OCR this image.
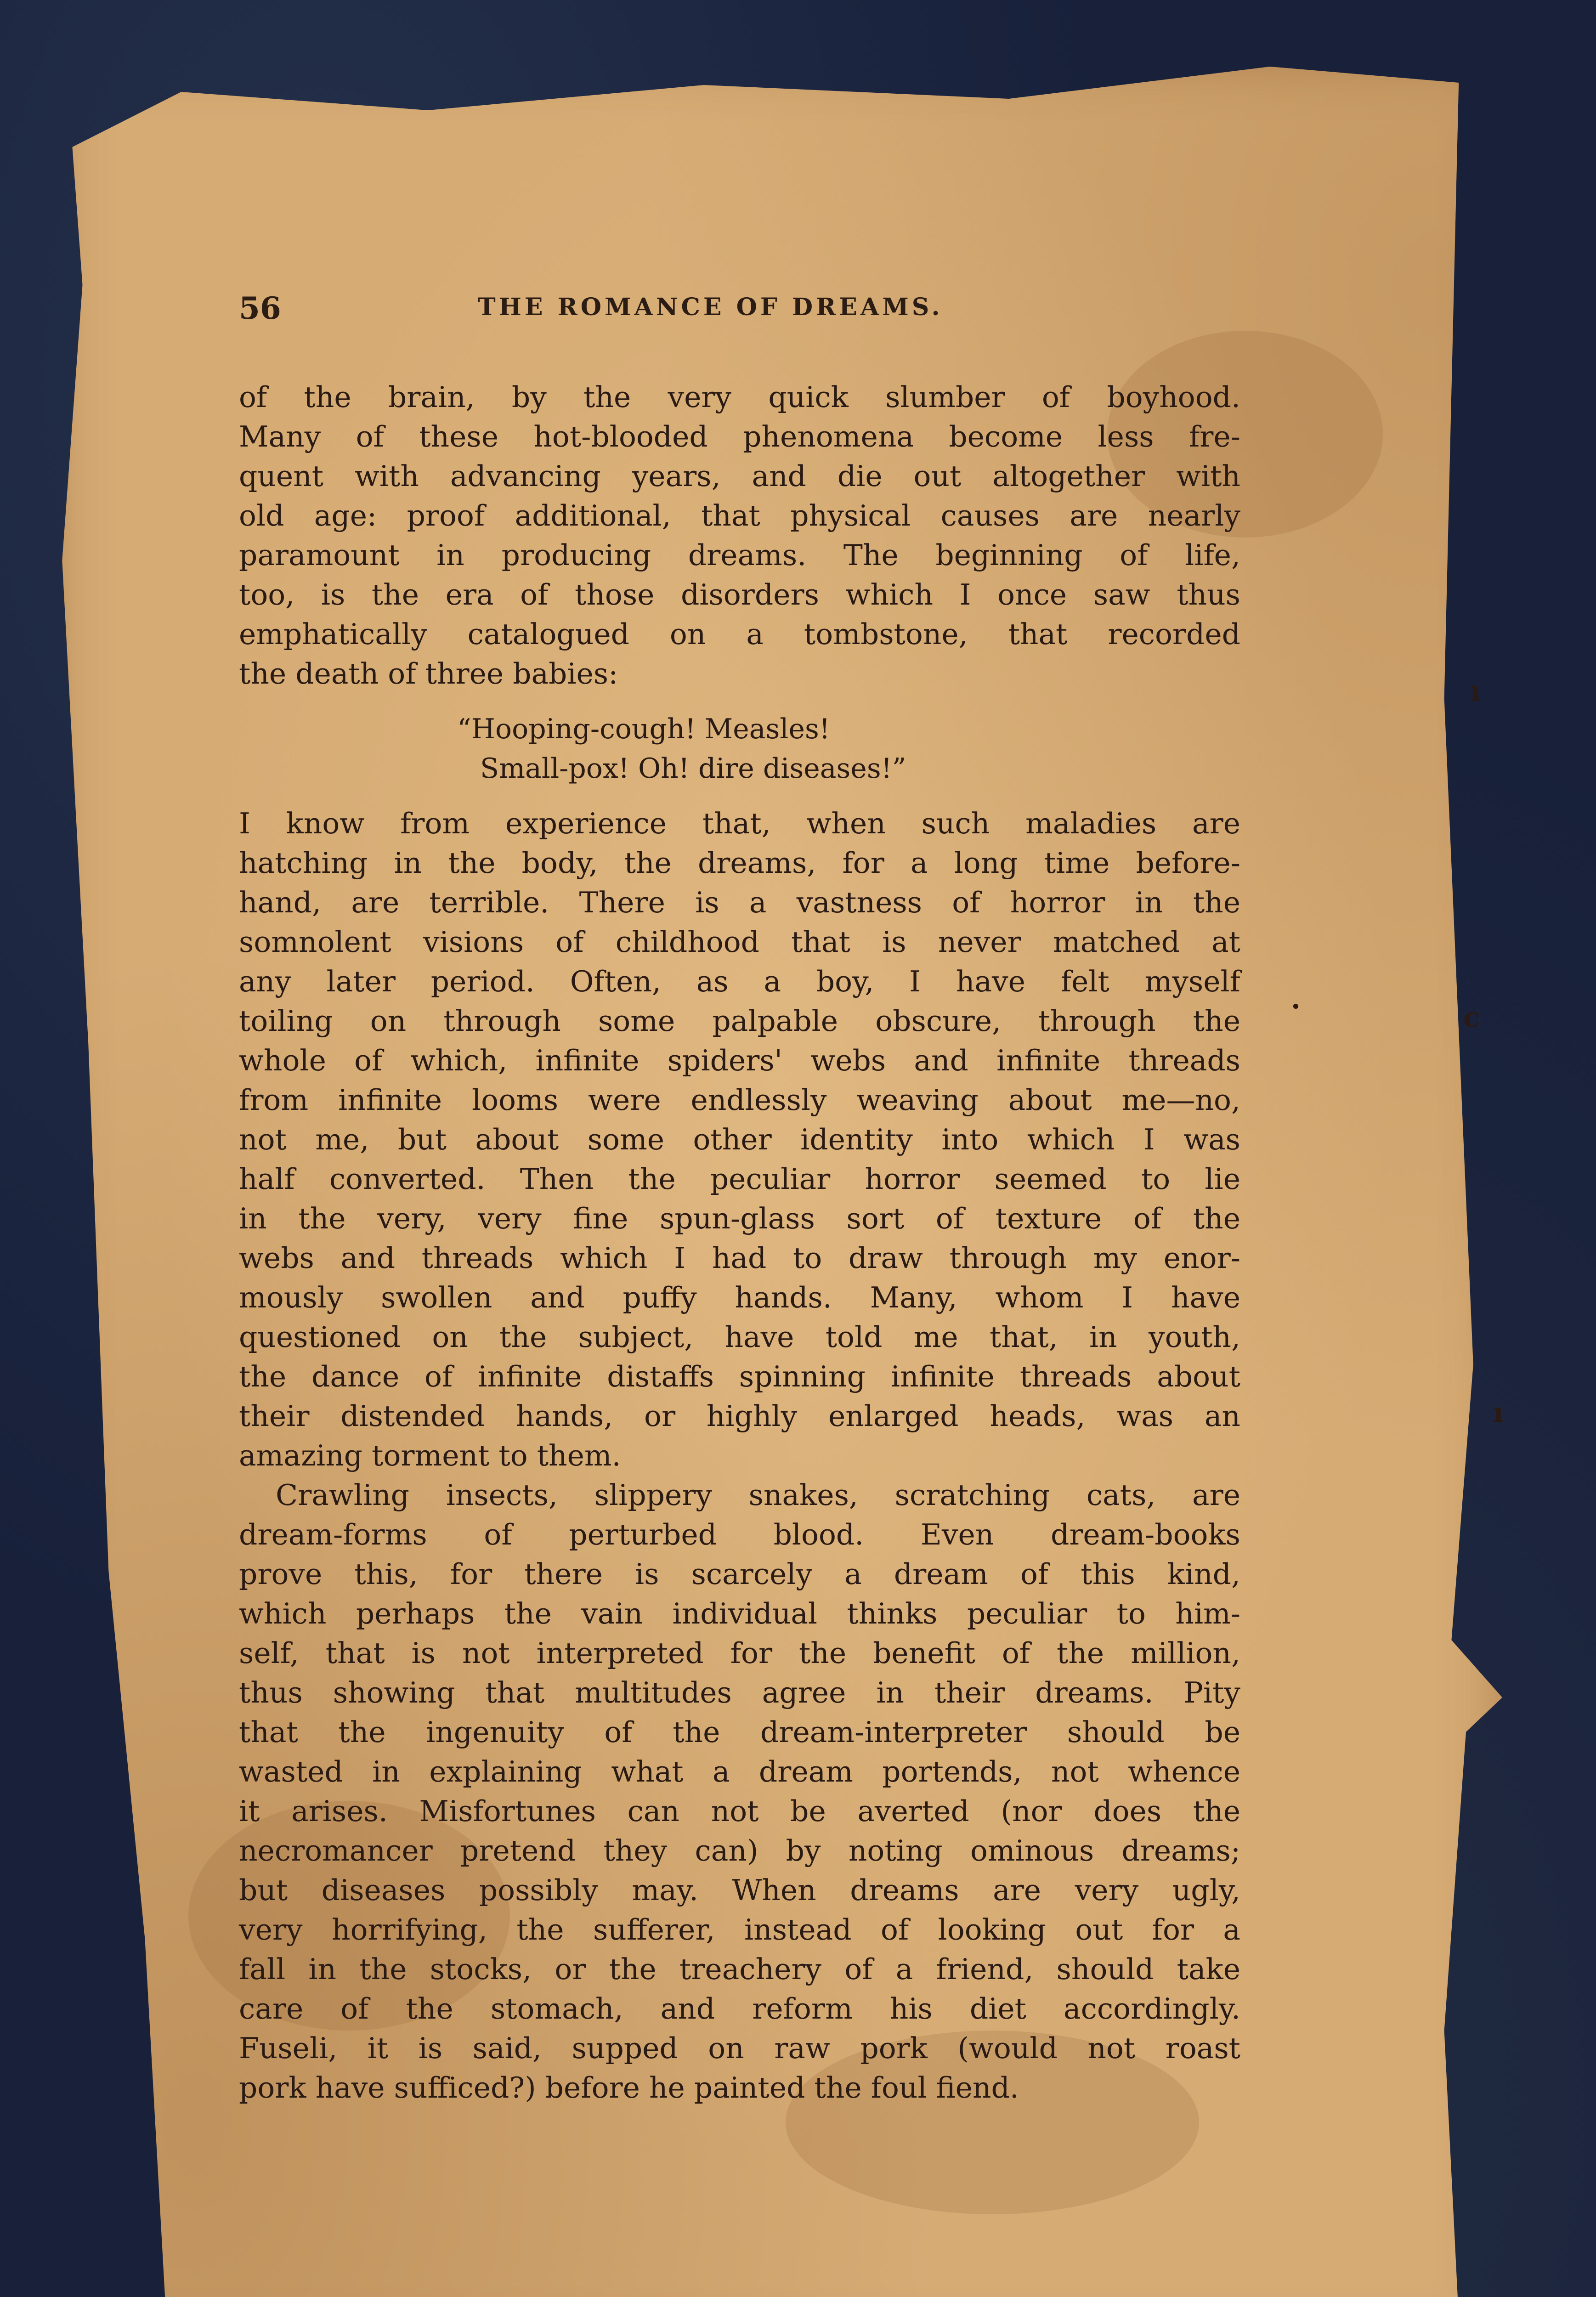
56	THE ROMANCE OF DREAMS.
of the brain, by the very quick slumber of boyhood.
Many of these hot-blooded phenomena become less fre-
quent with advancing years, and die out altogether with
old age: proof additional, that physical causes are nearly
paramount in producing dreams. The beginning of life,
too, is the era of those disorders which I once saw thus
emphatically catalogued on a tombstone, that recorded
the death of three babies:
“Hooping-cough! Measles!
Small-pox! Oh! dire diseases!”
I know from experience that, when such maladies are
hatching in the body, the dreams, for a long time before-
hand, are terrible. There is a vastness of horror in the
somnolent visions of childhood that is never matched at
any later period. Often, as a boy, I have felt myself
toiling on through some palpable obscure, through the
whole of which, infinite spiders' webs and infinite threads
from infinite looms were endlessly weaving about me—no,
not me, but about some other identity into which I was
half converted. Then the peculiar horror seemed to lie
in the very, very fine spun-glass sort of texture of the
webs and threads which I had to draw through my enor-
mously swollen and puffy hands. Many, whom I have
questioned on the subject, have told me that, in youth,
the dance of infinite distaffs spinning infinite threads about
their distended hands, or highly enlarged heads, was an
amazing torment to them.
Crawling insects, slippery snakes, scratching cats, are
dream-forms of perturbed blood. Even dream-books
prove this, for there is scarcely a dream of this kind,
which perhaps the vain individual thinks peculiar to him-
self, that is not interpreted for the benefit of the million,
thus showing that multitudes agree in their dreams. Pity
that the ingenuity of the dream-interpreter should be
wasted in explaining what a dream portends, not whence
it arises. Misfortunes can not be averted (nor does the
necromancer pretend they can) by noting ominous dreams;
but diseases possibly may. When dreams are very ugly,
very horrifying, the sufferer, instead of looking out for a
fall in the stocks, or the treachery of a friend, should take
care of the stomach, and reform his diet accordingly.
Fuseli, it is said, supped on raw pork (would not roast
pork have sufficed?) before he painted the foul fiend.
ı
.
c
ı
